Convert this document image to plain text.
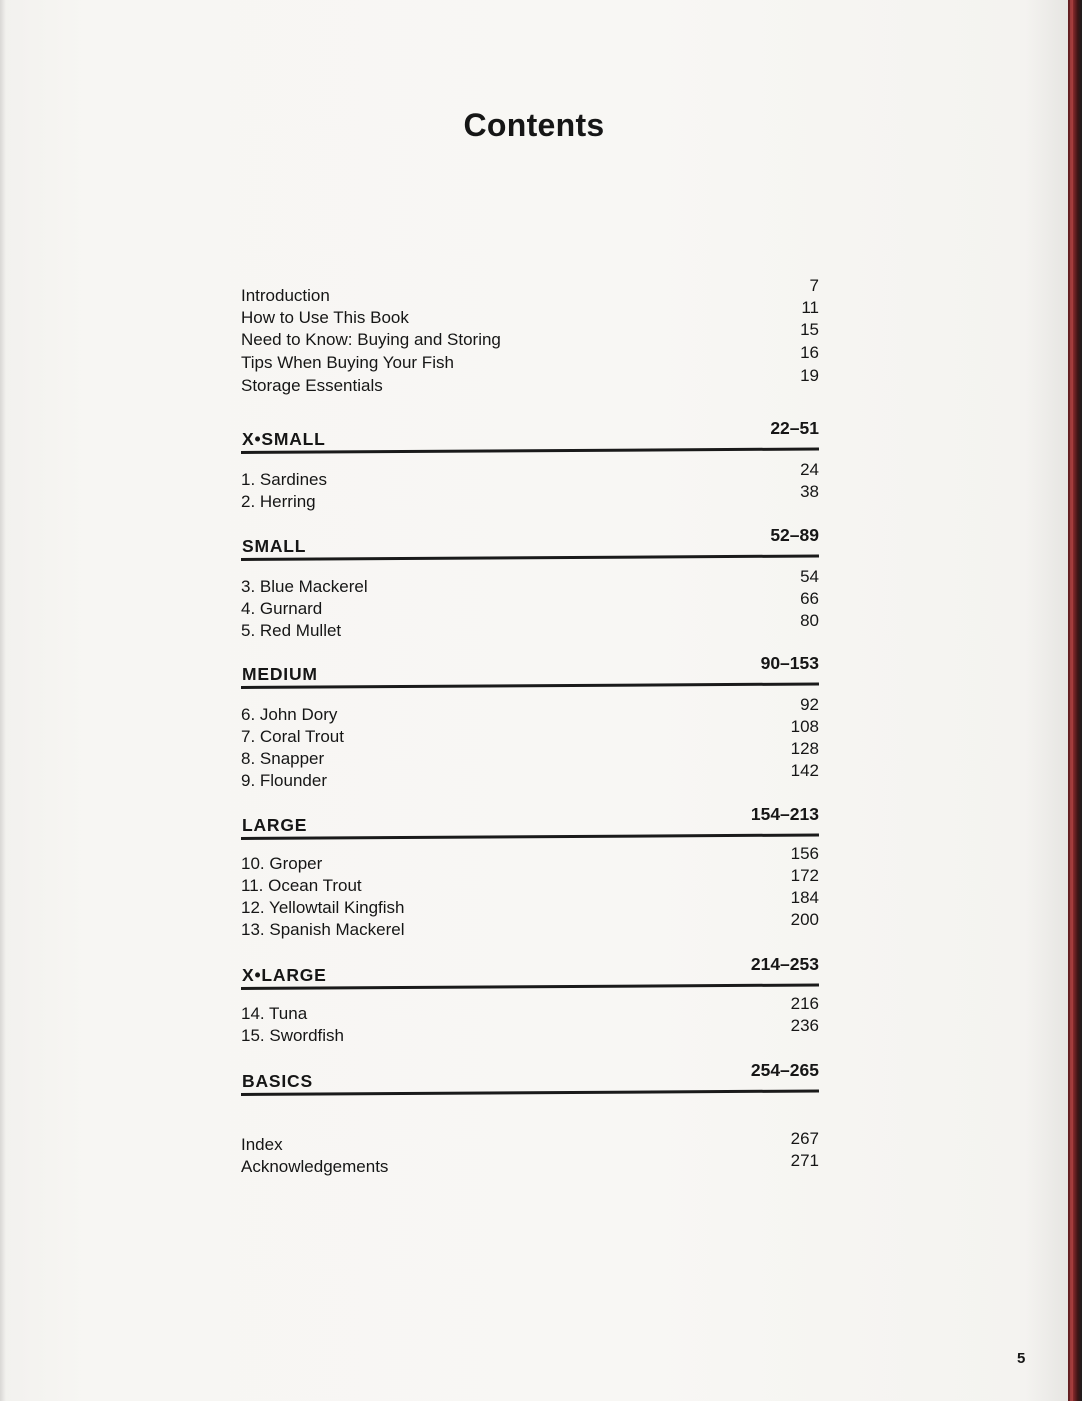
Contents
Introduction
7
How to Use This Book
11
Need to Know: Buying and Storing
15
Tips When Buying Your Fish
16
Storage Essentials
19
X•SMALL
22–51
1. Sardines
24
2. Herring
38
SMALL
52–89
3. Blue Mackerel
54
4. Gurnard
66
5. Red Mullet
80
MEDIUM
90–153
6. John Dory
92
7. Coral Trout
108
8. Snapper
128
9. Flounder
142
LARGE
154–213
10. Groper
156
11. Ocean Trout
172
12. Yellowtail Kingfish
184
13. Spanish Mackerel
200
X•LARGE
214–253
14. Tuna
216
15. Swordfish
236
BASICS
254–265
Index	267
Acknowledgements	271
5
